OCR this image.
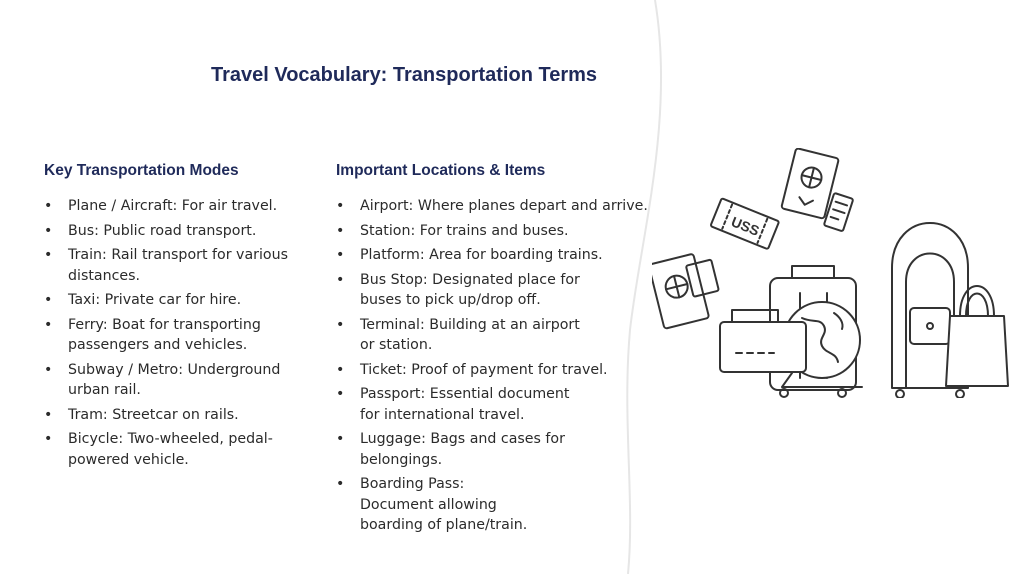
Travel Vocabulary: Transportation Terms
Key Transportation Modes
• Plane / Aircraft: For air travel.
• Bus: Public road transport.
• Train: Rail transport for various distances.
• Taxi: Private car for hire.
• Ferry: Boat for transporting passengers and vehicles.
• Subway / Metro: Underground urban rail.
• Tram: Streetcar on rails.
• Bicycle: Two-wheeled, pedal-powered vehicle.
Important Locations & Items
• Airport: Where planes depart and arrive.
• Station: For trains and buses.
• Platform: Area for boarding trains.
• Bus Stop: Designated place for buses to pick up/drop off.
• Terminal: Building at an airport or station.
• Ticket: Proof of payment for travel.
• Passport: Essential document for international travel.
• Luggage: Bags and cases for belongings.
• Boarding Pass: Document allowing boarding of plane/train.
USS
